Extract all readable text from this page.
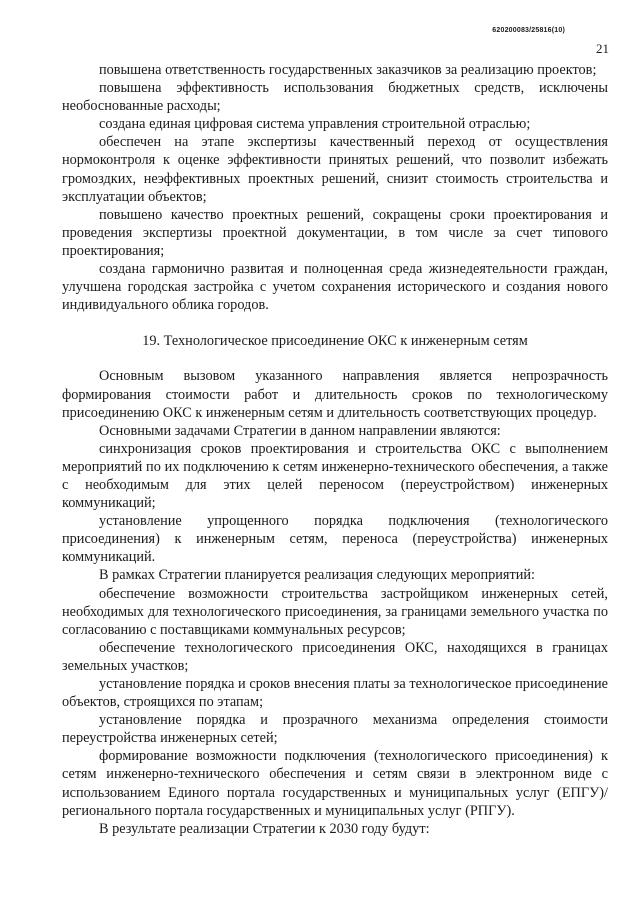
620200083/25816(10)
21

повышена ответственность государственных заказчиков за реализацию проектов;

повышена эффективность использования бюджетных средств, исключены необоснованные расходы;

создана единая цифровая система управления строительной отраслью;

обеспечен на этапе экспертизы качественный переход от осуществления нормоконтроля к оценке эффективности принятых решений, что позволит избежать громоздких, неэффективных проектных решений, снизит стоимость строительства и эксплуатации объектов;

повышено качество проектных решений, сокращены сроки проектирования и проведения экспертизы проектной документации, в том числе за счет типового проектирования;

создана гармонично развитая и полноценная среда жизнедеятельности граждан, улучшена городская застройка с учетом сохранения исторического и создания нового индивидуального облика городов.

19. Технологическое присоединение ОКС к инженерным сетям

Основным вызовом указанного направления является непрозрачность формирования стоимости работ и длительность сроков по технологическому присоединению ОКС к инженерным сетям и длительность соответствующих процедур.

Основными задачами Стратегии в данном направлении являются:

синхронизация сроков проектирования и строительства ОКС с выполнением мероприятий по их подключению к сетям инженерно-технического обеспечения, а также с необходимым для этих целей переносом (переустройством) инженерных коммуникаций;

установление упрощенного порядка подключения (технологического присоединения) к инженерным сетям, переноса (переустройства) инженерных коммуникаций.

В рамках Стратегии планируется реализация следующих мероприятий:

обеспечение возможности строительства застройщиком инженерных сетей, необходимых для технологического присоединения, за границами земельного участка по согласованию с поставщиками коммунальных ресурсов;

обеспечение технологического присоединения ОКС, находящихся в границах земельных участков;

установление порядка и сроков внесения платы за технологическое присоединение объектов, строящихся по этапам;

установление порядка и прозрачного механизма определения стоимости переустройства инженерных сетей;

формирование возможности подключения (технологического присоединения) к сетям инженерно-технического обеспечения и сетям связи в электронном виде с использованием Единого портала государственных и муниципальных услуг (ЕПГУ)/ регионального портала государственных и муниципальных услуг (РПГУ).

В результате реализации Стратегии к 2030 году будут:
